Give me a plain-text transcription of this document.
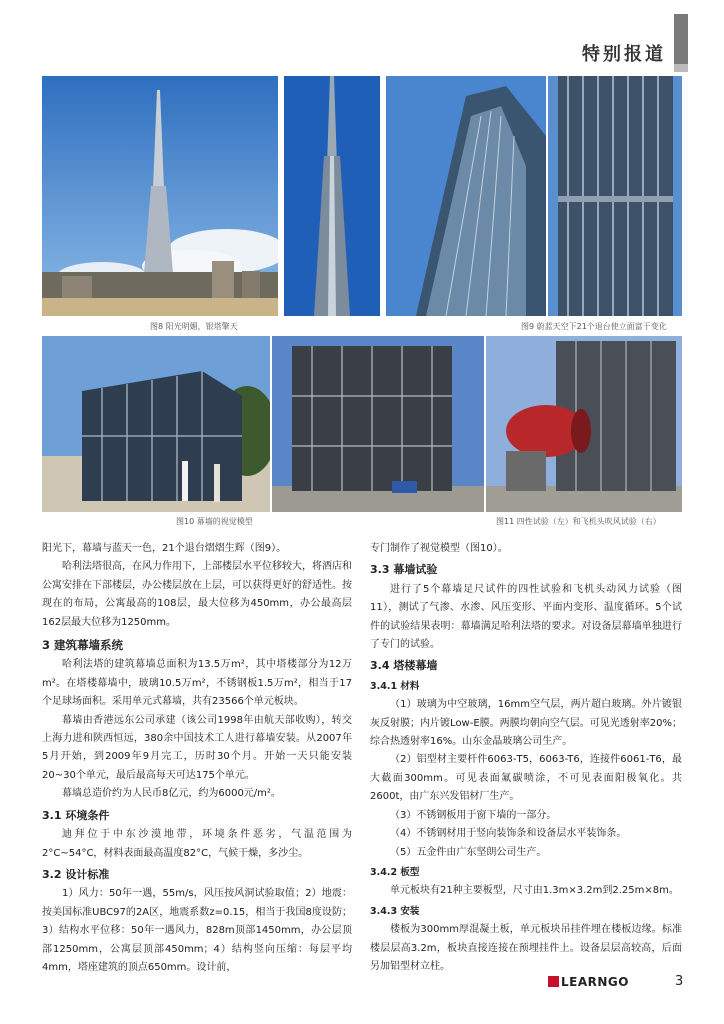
特别报道
图8 阳光明媚，银塔擎天	图9 蔚蓝天空下21个退台使立面富于变化
图10 幕墙的视觉模型	图11 四性试验（左）和飞机头吹风试验（右）

阳光下，幕墙与蓝天一色，21个退台熠熠生辉（图9）。

哈利法塔很高，在风力作用下，上部楼层水平位移较大，将酒店和公寓安排在下部楼层，办公楼层放在上层，可以获得更好的舒适性。按现在的布局，公寓最高的108层，最大位移为450mm，办公最高层162层最大位移为1250mm。

3 建筑幕墙系统

哈利法塔的建筑幕墙总面积为13.5万m²，其中塔楼部分为12万m²。在塔楼幕墙中，玻璃10.5万m²，不锈钢板1.5万m²，相当于17个足球场面积。采用单元式幕墙，共有23566个单元板块。

幕墙由香港远东公司承建（该公司1998年由航天部收购），转交上海力进和陕西恒远，380余中国技术工人进行幕墙安装。从2007年5月开始，到2009年9月完工，历时30个月。开始一天只能安装20~30个单元，最后最高每天可达175个单元。

幕墙总造价约为人民币8亿元，约为6000元/m²。

3.1 环境条件

迪拜位于中东沙漠地带，环境条件恶劣，气温范围为2°C~54°C，材料表面最高温度82°C，气候干燥，多沙尘。

3.2 设计标准

1）风力：50年一遇，55m/s，风压按风洞试验取值；2）地震：按美国标准UBC97的2A区，地震系数z=0.15，相当于我国8度设防；3）结构水平位移：50年一遇风力，828m顶部1450mm，办公层顶部1250mm，公寓层顶部450mm；4）结构竖向压缩：每层平均4mm，塔座建筑的顶点650mm。设计前，

专门制作了视觉模型（图10）。

3.3 幕墙试验

进行了5个幕墙足尺试件的四性试验和飞机头动风力试验（图11），测试了气渗、水渗、风压变形、平面内变形、温度循环。5个试件的试验结果表明：幕墙满足哈利法塔的要求。对设备层幕墙单独进行了专门的试验。

3.4 塔楼幕墙
3.4.1 材料

（1）玻璃为中空玻璃，16mm空气层，两片超白玻璃。外片镀银灰反射膜；内片镀Low-E膜。两膜均朝向空气层。可见光透射率20%；综合热透射率16%。山东金晶玻璃公司生产。

（2）铝型材主要杆件6063-T5，6063-T6，连接件6061-T6，最大截面300mm。可见表面氟碳喷涂，不可见表面阳极氧化。共2600t，由广东兴发铝材厂生产。

（3）不锈钢板用于窗下墙的一部分。

（4）不锈钢材用于竖向装饰条和设备层水平装饰条。

（5）五金件由广东坚朗公司生产。

3.4.2 板型

单元板块有21种主要板型，尺寸由1.3m×3.2m到2.25m×8m。

3.4.3 安装

楼板为300mm厚混凝土板，单元板块吊挂件埋在楼板边缘。标准楼层层高3.2m，板块直接连接在预埋挂件上。设备层层高较高，后面另加铝型材立柱。

LEARNGO	3
